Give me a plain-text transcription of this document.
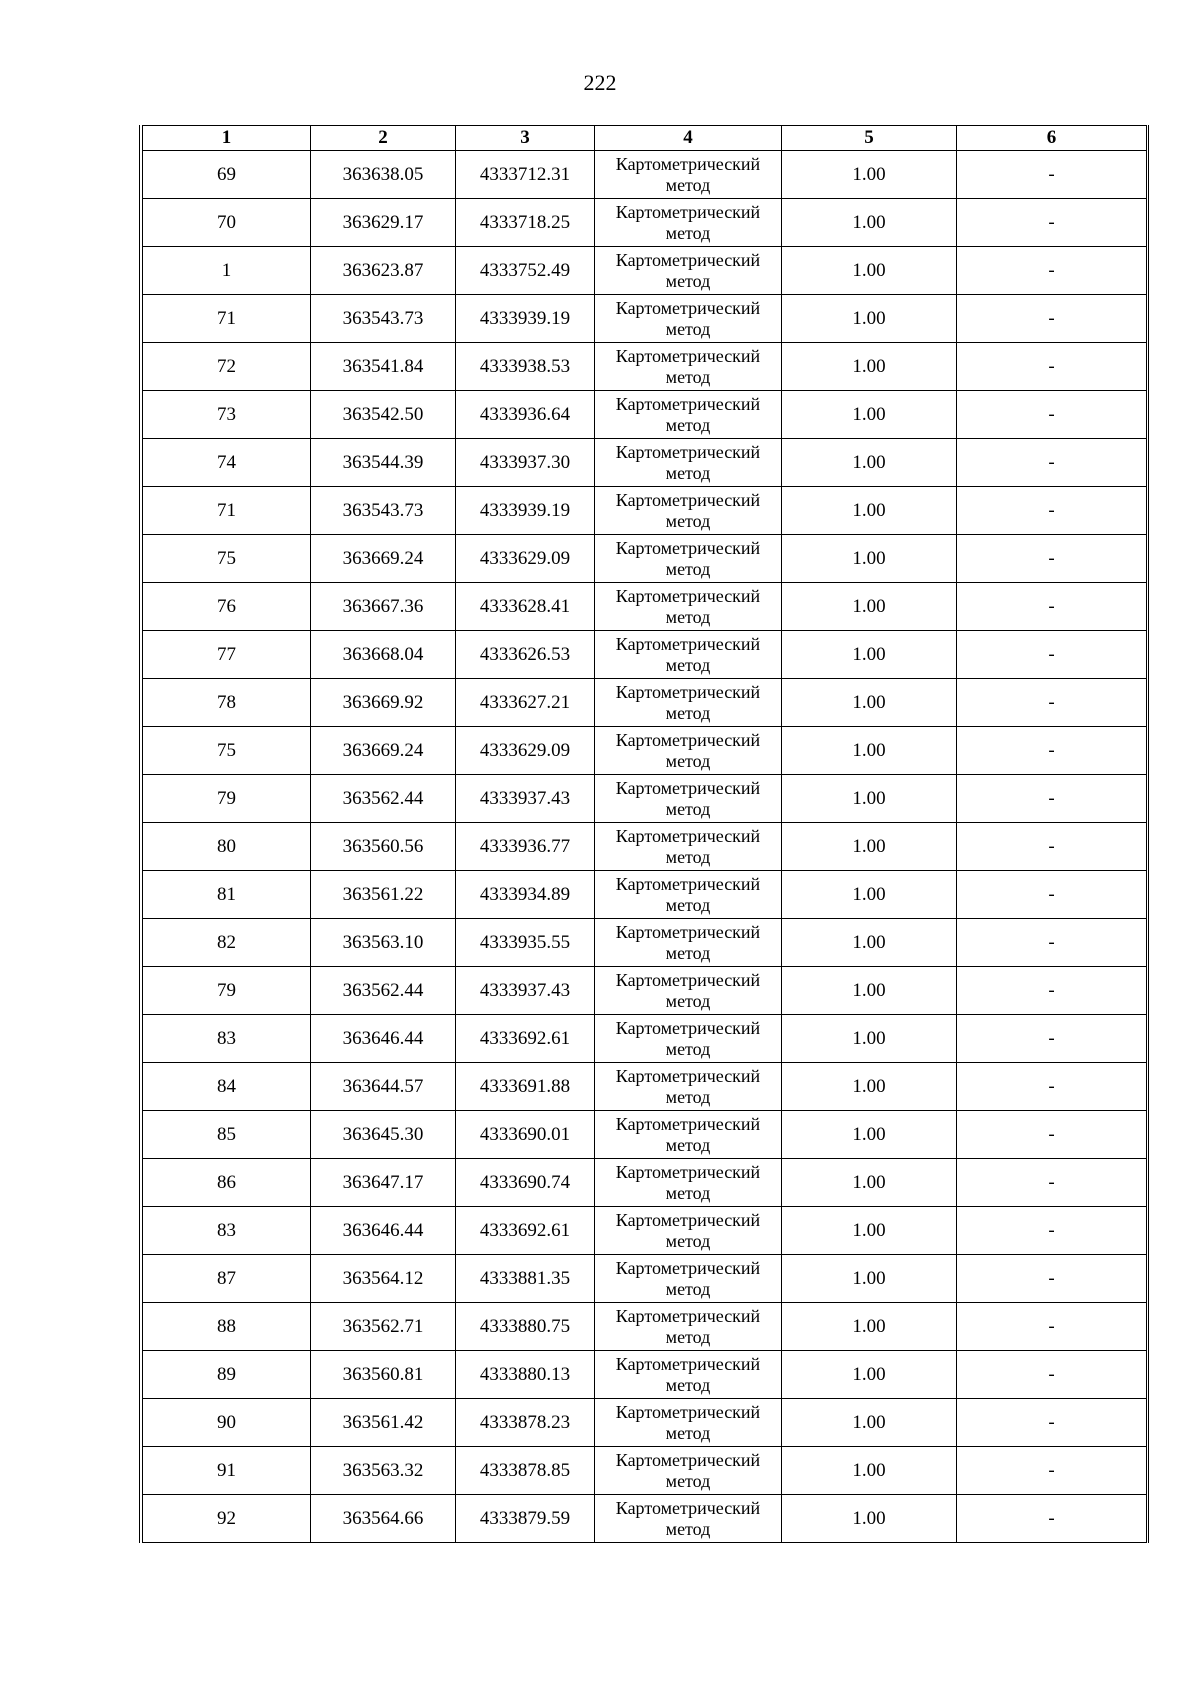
222
1	2	3	4	5	6
69	363638.05	4333712.31	Картометрический метод	1.00	-
70	363629.17	4333718.25	Картометрический метод	1.00	-
1	363623.87	4333752.49	Картометрический метод	1.00	-
71	363543.73	4333939.19	Картометрический метод	1.00	-
72	363541.84	4333938.53	Картометрический метод	1.00	-
73	363542.50	4333936.64	Картометрический метод	1.00	-
74	363544.39	4333937.30	Картометрический метод	1.00	-
71	363543.73	4333939.19	Картометрический метод	1.00	-
75	363669.24	4333629.09	Картометрический метод	1.00	-
76	363667.36	4333628.41	Картометрический метод	1.00	-
77	363668.04	4333626.53	Картометрический метод	1.00	-
78	363669.92	4333627.21	Картометрический метод	1.00	-
75	363669.24	4333629.09	Картометрический метод	1.00	-
79	363562.44	4333937.43	Картометрический метод	1.00	-
80	363560.56	4333936.77	Картометрический метод	1.00	-
81	363561.22	4333934.89	Картометрический метод	1.00	-
82	363563.10	4333935.55	Картометрический метод	1.00	-
79	363562.44	4333937.43	Картометрический метод	1.00	-
83	363646.44	4333692.61	Картометрический метод	1.00	-
84	363644.57	4333691.88	Картометрический метод	1.00	-
85	363645.30	4333690.01	Картометрический метод	1.00	-
86	363647.17	4333690.74	Картометрический метод	1.00	-
83	363646.44	4333692.61	Картометрический метод	1.00	-
87	363564.12	4333881.35	Картометрический метод	1.00	-
88	363562.71	4333880.75	Картометрический метод	1.00	-
89	363560.81	4333880.13	Картометрический метод	1.00	-
90	363561.42	4333878.23	Картометрический метод	1.00	-
91	363563.32	4333878.85	Картометрический метод	1.00	-
92	363564.66	4333879.59	Картометрический метод	1.00	-
